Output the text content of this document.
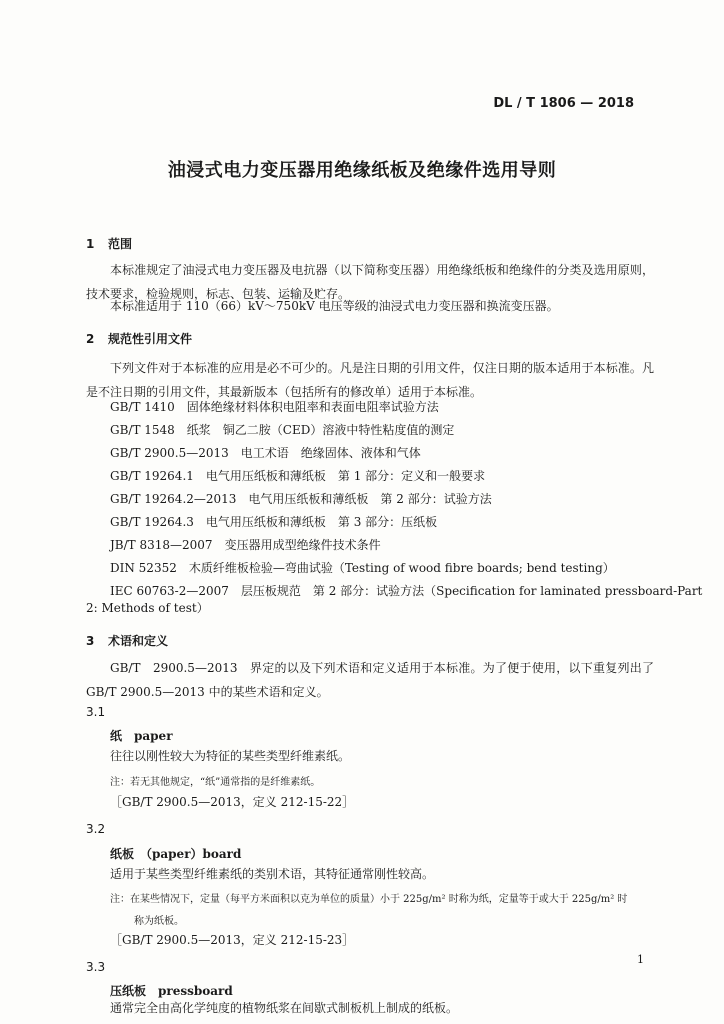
DL / T 1806 — 2018
油浸式电力变压器用绝缘纸板及绝缘件选用导则
1 范围
本标准规定了油浸式电力变压器及电抗器（以下简称变压器）用绝缘纸板和绝缘件的分类及选用原则，技术要求，检验规则，标志、包装、运输及贮存。
本标准适用于 110（66）kV～750kV 电压等级的油浸式电力变压器和换流变压器。
2 规范性引用文件
下列文件对于本标准的应用是必不可少的。凡是注日期的引用文件，仅注日期的版本适用于本标准。凡是不注日期的引用文件，其最新版本（包括所有的修改单）适用于本标准。
GB/T 1410　固体绝缘材料体积电阻率和表面电阻率试验方法
GB/T 1548　纸浆　铜乙二胺（CED）溶液中特性粘度值的测定
GB/T 2900.5—2013　电工术语　绝缘固体、液体和气体
GB/T 19264.1　电气用压纸板和薄纸板　第 1 部分：定义和一般要求
GB/T 19264.2—2013　电气用压纸板和薄纸板　第 2 部分：试验方法
GB/T 19264.3　电气用压纸板和薄纸板　第 3 部分：压纸板
JB/T 8318—2007　变压器用成型绝缘件技术条件
DIN 52352　木质纤维板检验—弯曲试验（Testing of wood fibre boards; bend testing）
IEC 60763-2—2007　层压板规范　第 2 部分：试验方法（Specification for laminated pressboard-Part
2: Methods of test）
3 术语和定义
GB/T　2900.5—2013　界定的以及下列术语和定义适用于本标准。为了便于使用，以下重复列出了GB/T 2900.5—2013 中的某些术语和定义。
3.1
纸　paper
往往以刚性较大为特征的某些类型纤维素纸。
注：若无其他规定，“纸”通常指的是纤维素纸。
［GB/T 2900.5—2013，定义 212-15-22］
3.2
纸板　（paper）board
适用于某些类型纤维素纸的类别术语，其特征通常刚性较高。
注：在某些情况下，定量（每平方米面积以克为单位的质量）小于 225g/m² 时称为纸，定量等于或大于 225g/m² 时
称为纸板。
［GB/T 2900.5—2013，定义 212-15-23］
3.3
压纸板　pressboard
通常完全由高化学纯度的植物纸浆在间歇式制板机上制成的纸板。
1
